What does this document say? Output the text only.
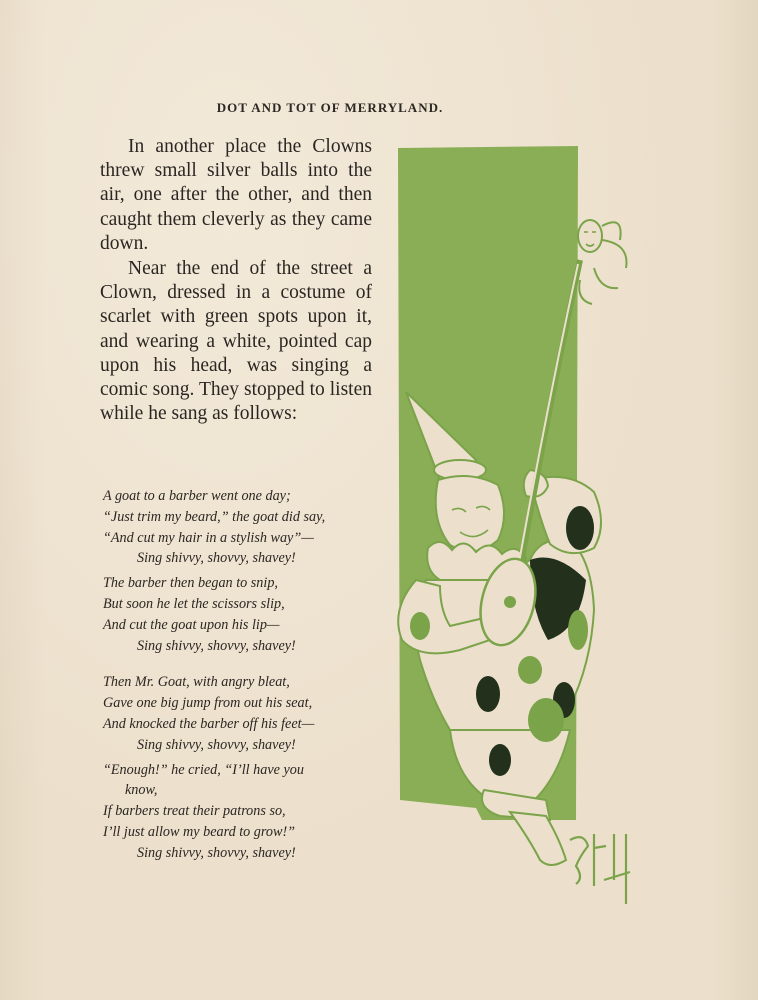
DOT AND TOT OF MERRYLAND.

In another place the Clowns threw small silver balls into the air, one after the other, and then caught them cleverly as they came down.

Near the end of the street a Clown, dressed in a costume of scarlet with green spots upon it, and wearing a white, pointed cap upon his head, was singing a comic song. They stopped to listen while he sang as follows:

A goat to a barber went one day;
“Just trim my beard,” the goat did say,
“And cut my hair in a stylish way”—
Sing shivvy, shovvy, shavey!
The barber then began to snip,
But soon he let the scissors slip,
And cut the goat upon his lip—
Sing shivvy, shovvy, shavey!
Then Mr. Goat, with angry bleat,
Gave one big jump from out his seat,
And knocked the barber off his feet—
Sing shivvy, shovvy, shavey!
“Enough!” he cried, “I’ll have you
know,
If barbers treat their patrons so,
I’ll just allow my beard to grow!”
Sing shivvy, shovvy, shavey!
